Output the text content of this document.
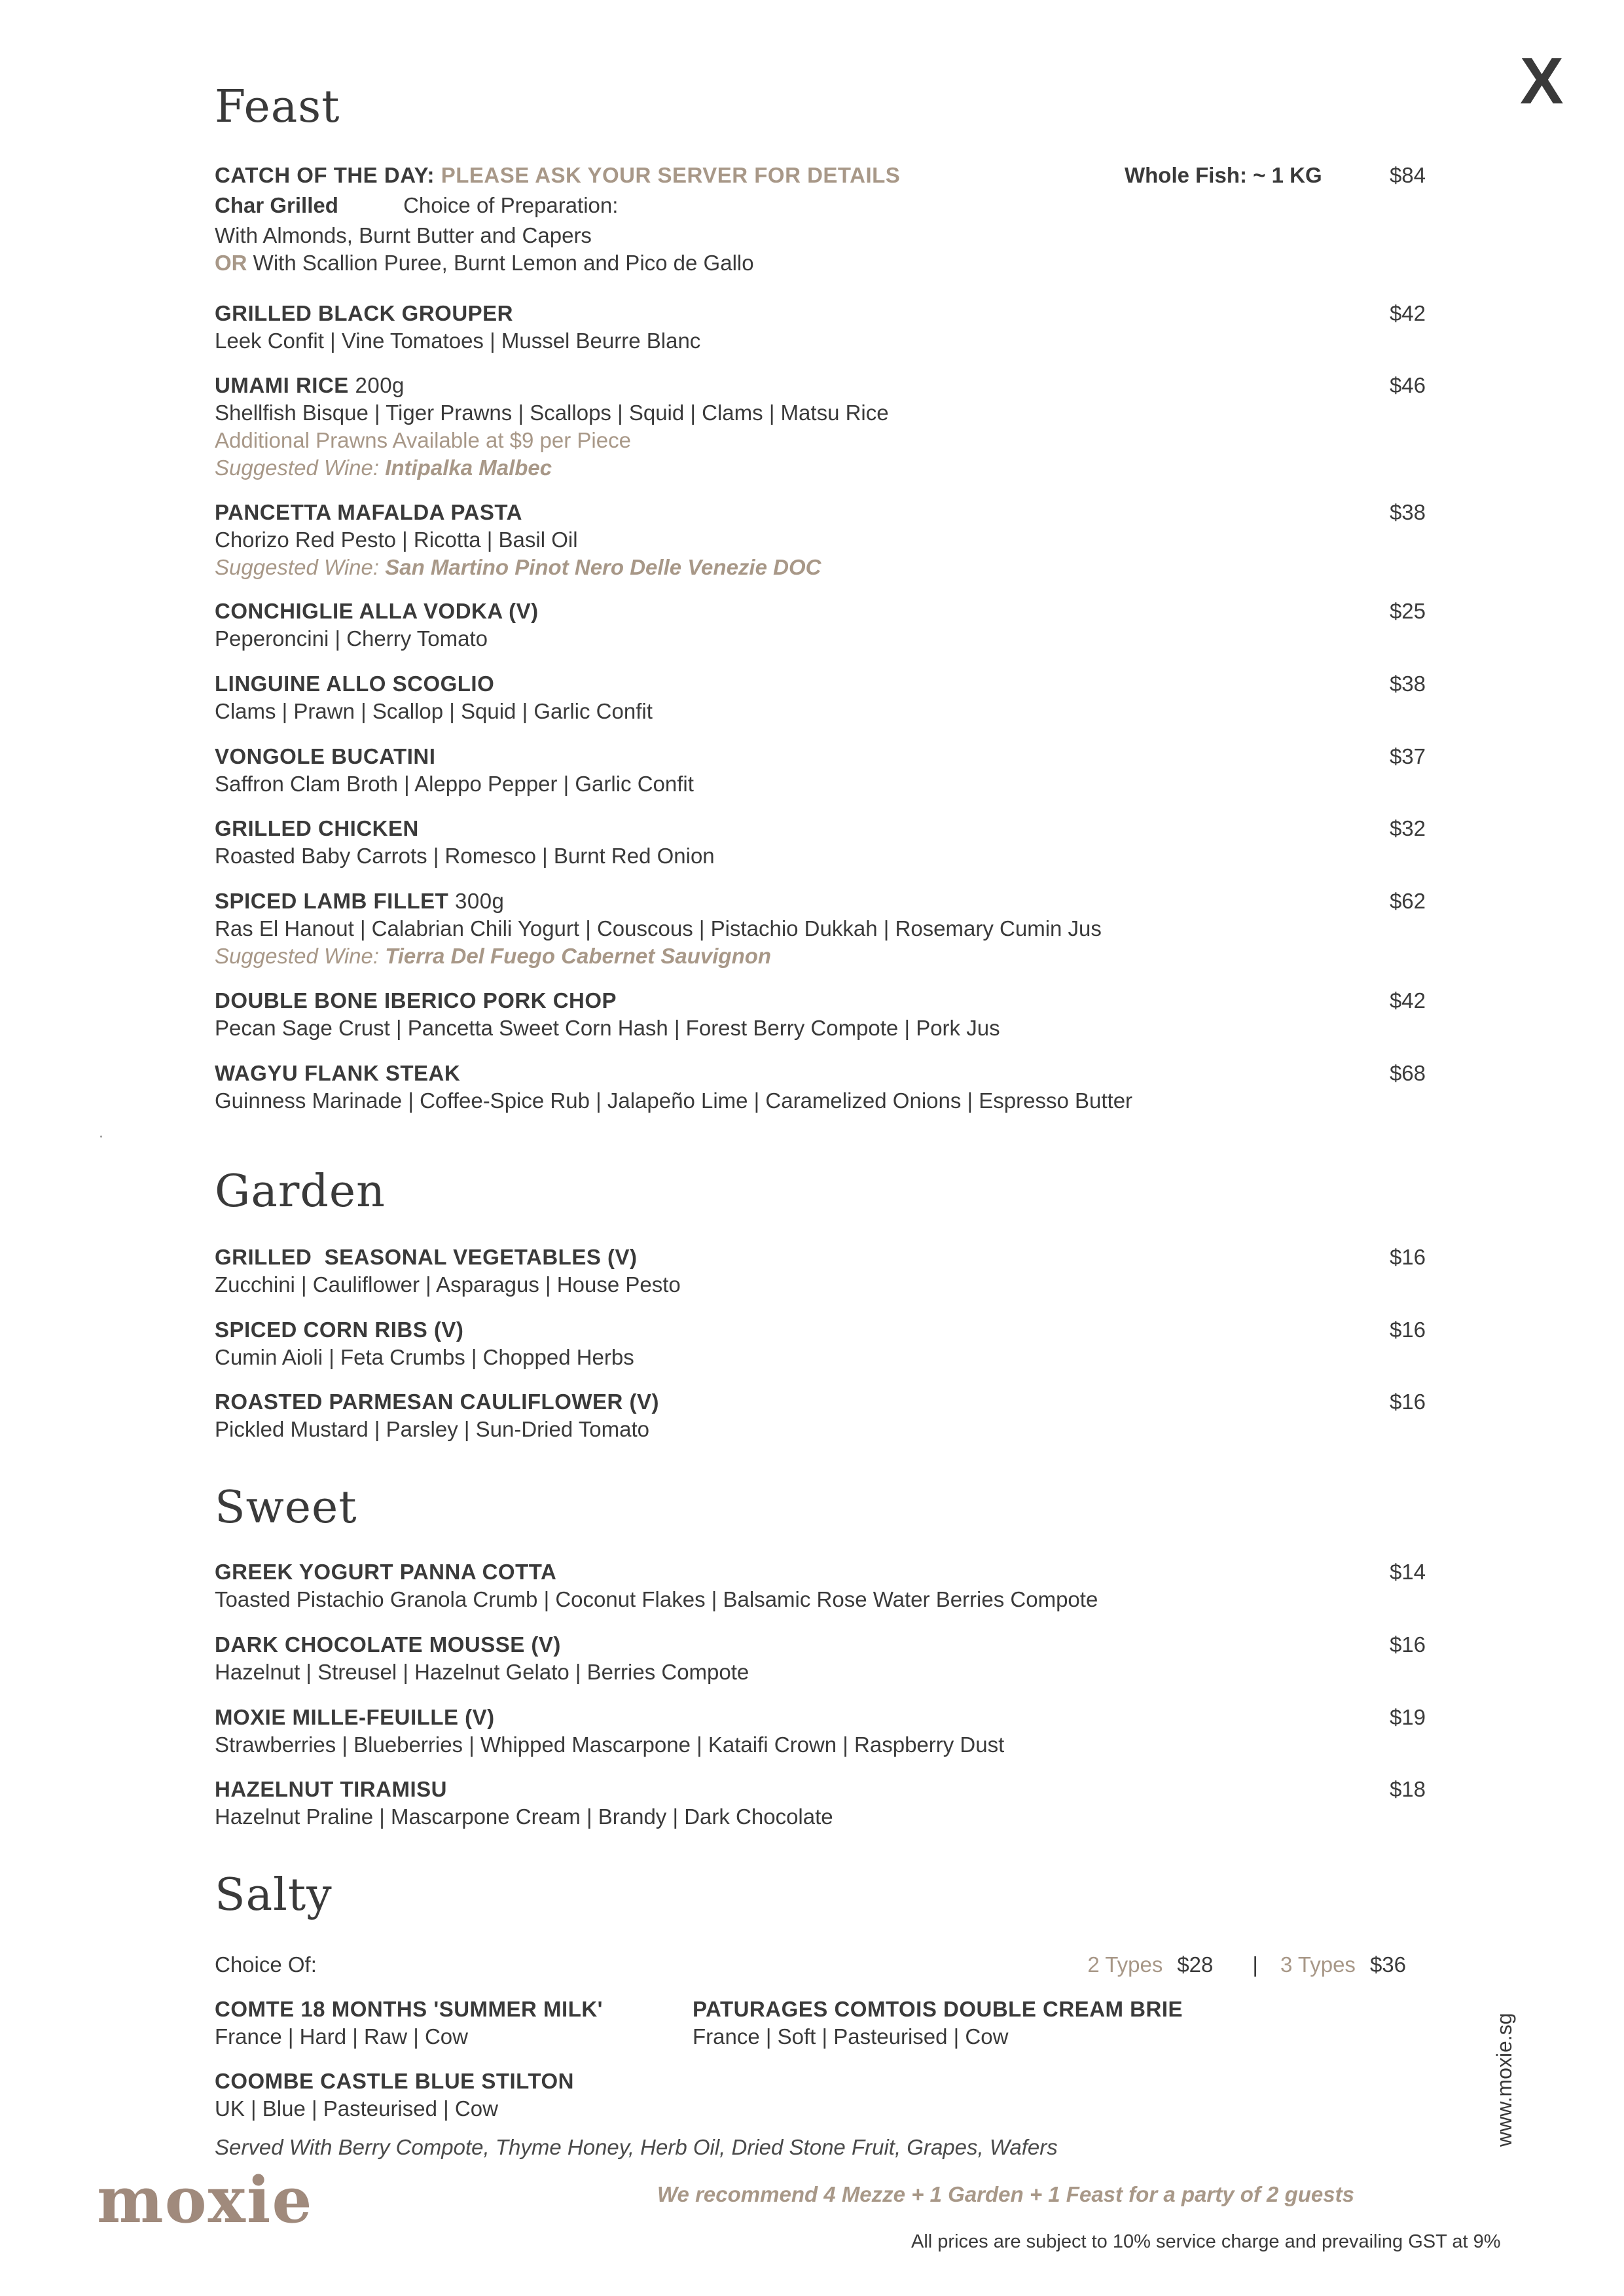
X
Feast
CATCH OF THE DAY: PLEASE ASK YOUR SERVER FOR DETAILS	Whole Fish: ~ 1 KG	$84
Char Grilled	Choice of Preparation:
With Almonds, Burnt Butter and Capers
OR With Scallion Puree, Burnt Lemon and Pico de Gallo
GRILLED BLACK GROUPER	$42
Leek Confit | Vine Tomatoes | Mussel Beurre Blanc
UMAMI RICE 200g	$46
Shellfish Bisque | Tiger Prawns | Scallops | Squid | Clams | Matsu Rice
Additional Prawns Available at $9 per Piece
Suggested Wine: Intipalka Malbec
PANCETTA MAFALDA PASTA	$38
Chorizo Red Pesto | Ricotta | Basil Oil
Suggested Wine: San Martino Pinot Nero Delle Venezie DOC
CONCHIGLIE ALLA VODKA (V)	$25
Peperoncini | Cherry Tomato
LINGUINE ALLO SCOGLIO	$38
Clams | Prawn | Scallop | Squid | Garlic Confit
VONGOLE BUCATINI	$37
Saffron Clam Broth | Aleppo Pepper | Garlic Confit
GRILLED CHICKEN	$32
Roasted Baby Carrots | Romesco | Burnt Red Onion
SPICED LAMB FILLET 300g	$62
Ras El Hanout | Calabrian Chili Yogurt | Couscous | Pistachio Dukkah | Rosemary Cumin Jus
Suggested Wine: Tierra Del Fuego Cabernet Sauvignon
DOUBLE BONE IBERICO PORK CHOP	$42
Pecan Sage Crust | Pancetta Sweet Corn Hash | Forest Berry Compote | Pork Jus
WAGYU FLANK STEAK	$68
Guinness Marinade | Coffee-Spice Rub | Jalapeño Lime | Caramelized Onions | Espresso Butter
Garden
GRILLED  SEASONAL VEGETABLES (V)	$16
Zucchini | Cauliflower | Asparagus | House Pesto
SPICED CORN RIBS (V)	$16
Cumin Aioli | Feta Crumbs | Chopped Herbs
ROASTED PARMESAN CAULIFLOWER (V)	$16
Pickled Mustard | Parsley | Sun-Dried Tomato
Sweet
GREEK YOGURT PANNA COTTA	$14
Toasted Pistachio Granola Crumb | Coconut Flakes | Balsamic Rose Water Berries Compote
DARK CHOCOLATE MOUSSE (V)	$16
Hazelnut | Streusel | Hazelnut Gelato | Berries Compote
MOXIE MILLE-FEUILLE (V)	$19
Strawberries | Blueberries | Whipped Mascarpone | Kataifi Crown | Raspberry Dust
HAZELNUT TIRAMISU	$18
Hazelnut Praline | Mascarpone Cream | Brandy | Dark Chocolate
Salty
Choice Of:	2 Types $28 | 3 Types $36
COMTE 18 MONTHS 'SUMMER MILK'
France | Hard | Raw | Cow
PATURAGES COMTOIS DOUBLE CREAM BRIE
France | Soft | Pasteurised | Cow
COOMBE CASTLE BLUE STILTON
UK | Blue | Pasteurised | Cow
Served With Berry Compote, Thyme Honey, Herb Oil, Dried Stone Fruit, Grapes, Wafers
We recommend 4 Mezze + 1 Garden + 1 Feast for a party of 2 guests
All prices are subject to 10% service charge and prevailing GST at 9%
moxie
www.moxie.sg
